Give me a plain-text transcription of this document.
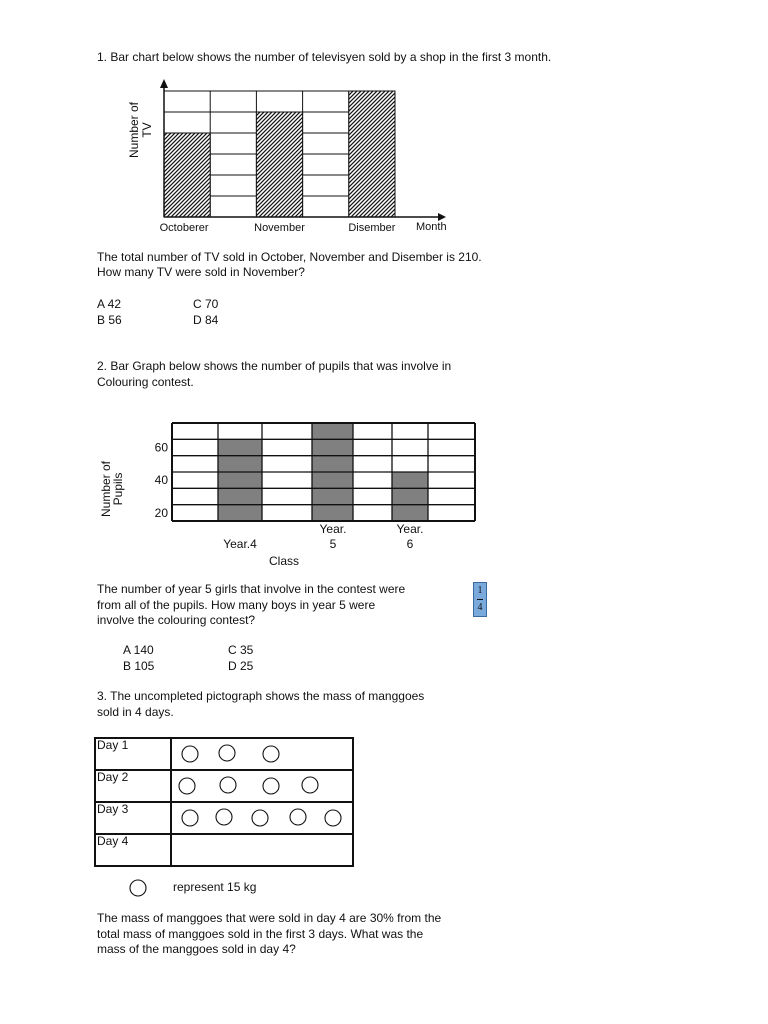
1. Bar chart below shows the number of televisyen sold by a shop in the first 3 month.
Octoberer	November	Disember
Number of TV
Month
The total number of TV sold in October, November and Disember is 210.
How many TV were sold in November?
A 42
B 56
C 70
D 84
2. Bar Graph below shows the number of pupils that was involve in
Colouring contest.
20
40
60
Year.4
Year.
5
Year.
6
Number of
Pupils
Class
The number of year 5 girls that involve in the contest were
from all of the pupils. How many boys in year 5 were
involve the colouring contest?
1
4
A 140
B 105
C 35
D 25
3. The uncompleted pictograph shows the mass of manggoes
sold in 4 days.
Day 1
Day 2
Day 3
Day 4
represent 15 kg
The mass of manggoes that were sold in day 4 are 30% from the
total mass of manggoes sold in the first 3 days. What was the
mass of the manggoes sold in day 4?
